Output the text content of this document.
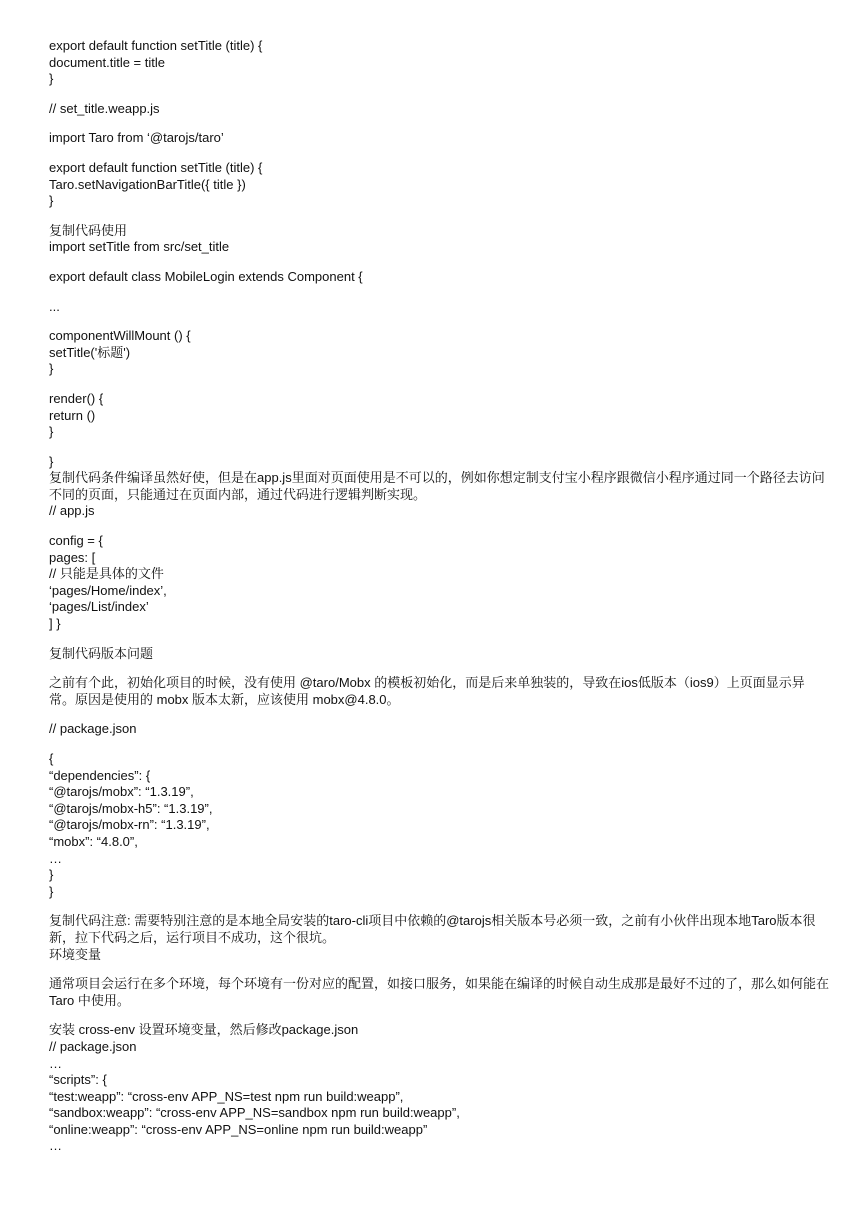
export default function setTitle (title) {
document.title = title
}
// set_title.weapp.js
import Taro from ‘@tarojs/taro’
export default function setTitle (title) {
Taro.setNavigationBarTitle({ title })
}
复制代码使用
import setTitle from src/set_title
export default class MobileLogin extends Component {
...
componentWillMount () {
setTitle('标题')
}
render() {
return ()
}
}
复制代码条件编译虽然好使，但是在app.js里面对页面使用是不可以的，例如你想定制支付宝小程序跟微信小程序通过同一个路径去访问不同的页面，只能通过在页面内部，通过代码进行逻辑判断实现。
// app.js
config = {
pages: [
// 只能是具体的文件
‘pages/Home/index’,
‘pages/List/index’
] }
复制代码版本问题
之前有个此，初始化项目的时候，没有使用 @taro/Mobx 的模板初始化，而是后来单独装的，导致在ios低版本（ios9）上页面显示异常。原因是使用的 mobx 版本太新，应该使用 mobx@4.8.0。
// package.json
{
“dependencies”: {
“@tarojs/mobx”: “1.3.19”,
“@tarojs/mobx-h5”: “1.3.19”,
“@tarojs/mobx-rn”: “1.3.19”,
“mobx”: “4.8.0”,
…
}
}
复制代码注意: 需要特别注意的是本地全局安装的taro-cli项目中依赖的@tarojs相关版本号必须一致，之前有小伙伴出现本地Taro版本很新，拉下代码之后，运行项目不成功，这个很坑。
环境变量
通常项目会运行在多个环境，每个环境有一份对应的配置，如接口服务，如果能在编译的时候自动生成那是最好不过的了，那么如何能在 Taro 中使用。
安装 cross-env 设置环境变量，然后修改package.json
// package.json
…
“scripts”: {
“test:weapp”: “cross-env APP_NS=test npm run build:weapp”,
“sandbox:weapp”: “cross-env APP_NS=sandbox npm run build:weapp”,
“online:weapp”: “cross-env APP_NS=online npm run build:weapp”
…
